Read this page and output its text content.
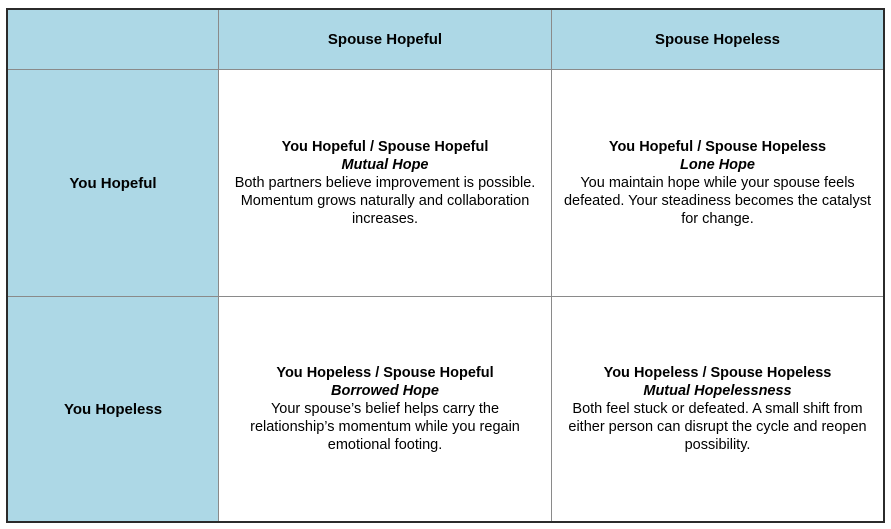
Spouse Hopeful	Spouse Hopeless
You Hopeful
You Hopeful / Spouse Hopeful
Mutual Hope
Both partners believe improvement is possible. Momentum grows naturally and collaboration increases.
You Hopeful / Spouse Hopeless
Lone Hope
You maintain hope while your spouse feels defeated. Your steadiness becomes the catalyst for change.
You Hopeless
You Hopeless / Spouse Hopeful
Borrowed Hope
Your spouse’s belief helps carry the relationship’s momentum while you regain emotional footing.
You Hopeless / Spouse Hopeless
Mutual Hopelessness
Both feel stuck or defeated. A small shift from either person can disrupt the cycle and reopen possibility.
